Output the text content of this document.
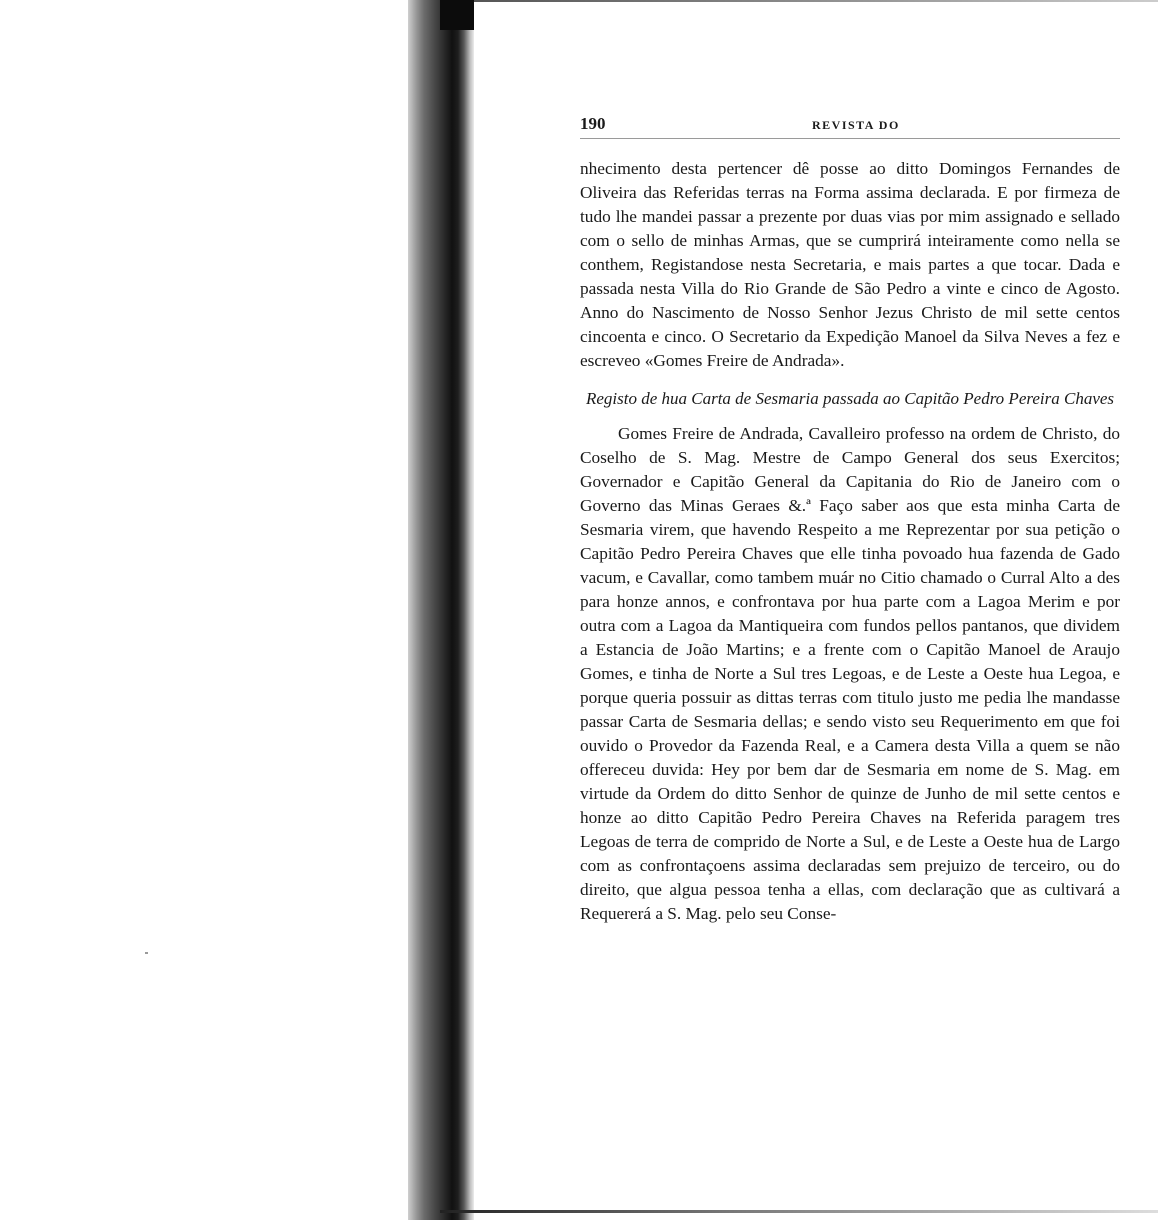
190	REVISTA DO

nhecimento desta pertencer dê posse ao ditto Domingos Fernandes de Oliveira das Referidas terras na Forma assima declarada. E por firmeza de tudo lhe mandei passar a prezente por duas vias por mim assignado e sellado com o sello de minhas Armas, que se cumprirá inteiramente como nella se conthem, Registandose nesta Secretaria, e mais partes a que tocar. Dada e passada nesta Villa do Rio Grande de São Pedro a vinte e cinco de Agosto. Anno do Nascimento de Nosso Senhor Jezus Christo de mil sette centos cincoenta e cinco. O Secretario da Expedição Manoel da Silva Neves a fez e escreveo «Gomes Freire de Andrada».

Registo de hua Carta de Sesmaria passada ao Capitão Pedro Pereira Chaves

Gomes Freire de Andrada, Cavalleiro professo na ordem de Christo, do Coselho de S. Mag. Mestre de Campo General dos seus Exercitos; Governador e Capitão General da Capitania do Rio de Janeiro com o Governo das Minas Geraes &.ª Faço saber aos que esta minha Carta de Sesmaria virem, que havendo Respeito a me Reprezentar por sua petição o Capitão Pedro Pereira Chaves que elle tinha povoado hua fazenda de Gado vacum, e Cavallar, como tambem muár no Citio chamado o Curral Alto a des para honze annos, e confrontava por hua parte com a Lagoa Merim e por outra com a Lagoa da Mantiqueira com fundos pellos pantanos, que dividem a Estancia de João Martins; e a frente com o Capitão Manoel de Araujo Gomes, e tinha de Norte a Sul tres Legoas, e de Leste a Oeste hua Legoa, e porque queria possuir as dittas terras com titulo justo me pedia lhe mandasse passar Carta de Sesmaria dellas; e sendo visto seu Requerimento em que foi ouvido o Provedor da Fazenda Real, e a Camera desta Villa a quem se não offereceu duvida: Hey por bem dar de Sesmaria em nome de S. Mag. em virtude da Ordem do ditto Senhor de quinze de Junho de mil sette centos e honze ao ditto Capitão Pedro Pereira Chaves na Referida paragem tres Legoas de terra de comprido de Norte a Sul, e de Leste a Oeste hua de Largo com as confrontaçoens assima declaradas sem prejuizo de terceiro, ou do direito, que algua pessoa tenha a ellas, com declaração que as cultivará a Requererá a S. Mag. pelo seu Conse-
